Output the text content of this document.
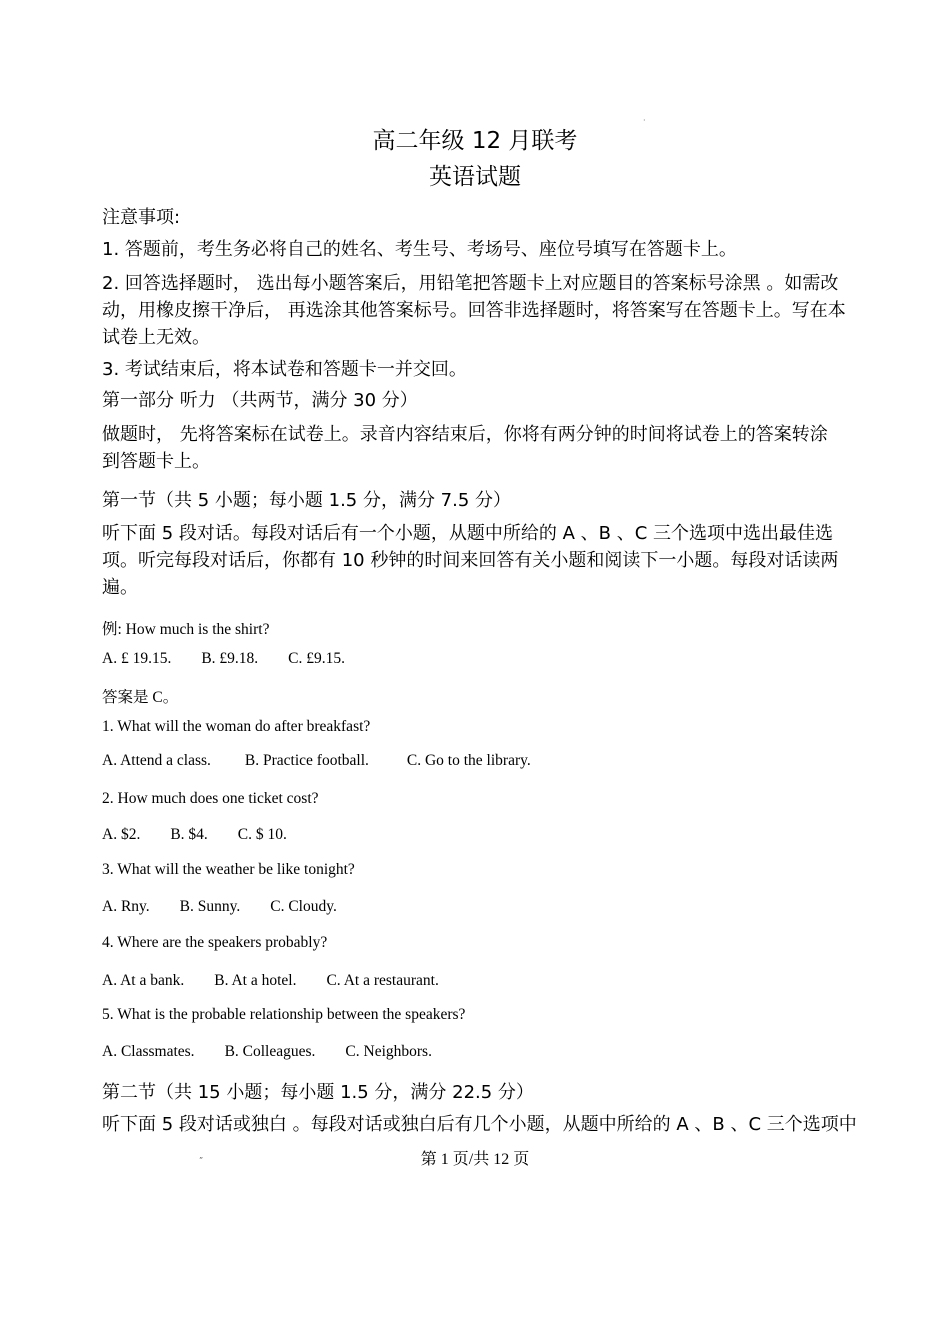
高二年级 12 月联考
英语试题
注意事项:
1. 答题前，考生务必将自己的姓名、考生号、考场号、座位号填写在答题卡上。
2. 回答选择题时， 选出每小题答案后，用铅笔把答题卡上对应题目的答案标号涂黑 。如需改动，用橡皮擦干净后， 再选涂其他答案标号。回答非选择题时，将答案写在答题卡上。写在本试卷上无效。
3. 考试结束后，将本试卷和答题卡一并交回。
第一部分 听力 （共两节，满分 30 分）
做题时， 先将答案标在试卷上。录音内容结束后，你将有两分钟的时间将试卷上的答案转涂到答题卡上。
第一节（共 5 小题；每小题 1.5 分，满分 7.5 分）
听下面 5 段对话。每段对话后有一个小题，从题中所给的 A 、B 、C 三个选项中选出最佳选项。听完每段对话后，你都有 10 秒钟的时间来回答有关小题和阅读下一小题。每段对话读两遍。
例: How much is the shirt?
A. £ 19.15. B. £9.18. C. £9.15.
答案是 C。
1. What will the woman do after breakfast?
A. Attend a class. B. Practice football. C. Go to the library.
2. How much does one ticket cost?
A. $2. B. $4. C. $ 10.
3. What will the weather be like tonight?
A. Rny. B. Sunny. C. Cloudy.
4. Where are the speakers probably?
A. At a bank. B. At a hotel. C. At a restaurant.
5. What is the probable relationship between the speakers?
A. Classmates. B. Colleagues. C. Neighbors.
第二节（共 15 小题；每小题 1.5 分，满分 22.5 分）
听下面 5 段对话或独白 。每段对话或独白后有几个小题，从题中所给的 A 、B 、C 三个选项中
第 1 页/共 12 页
”
·
